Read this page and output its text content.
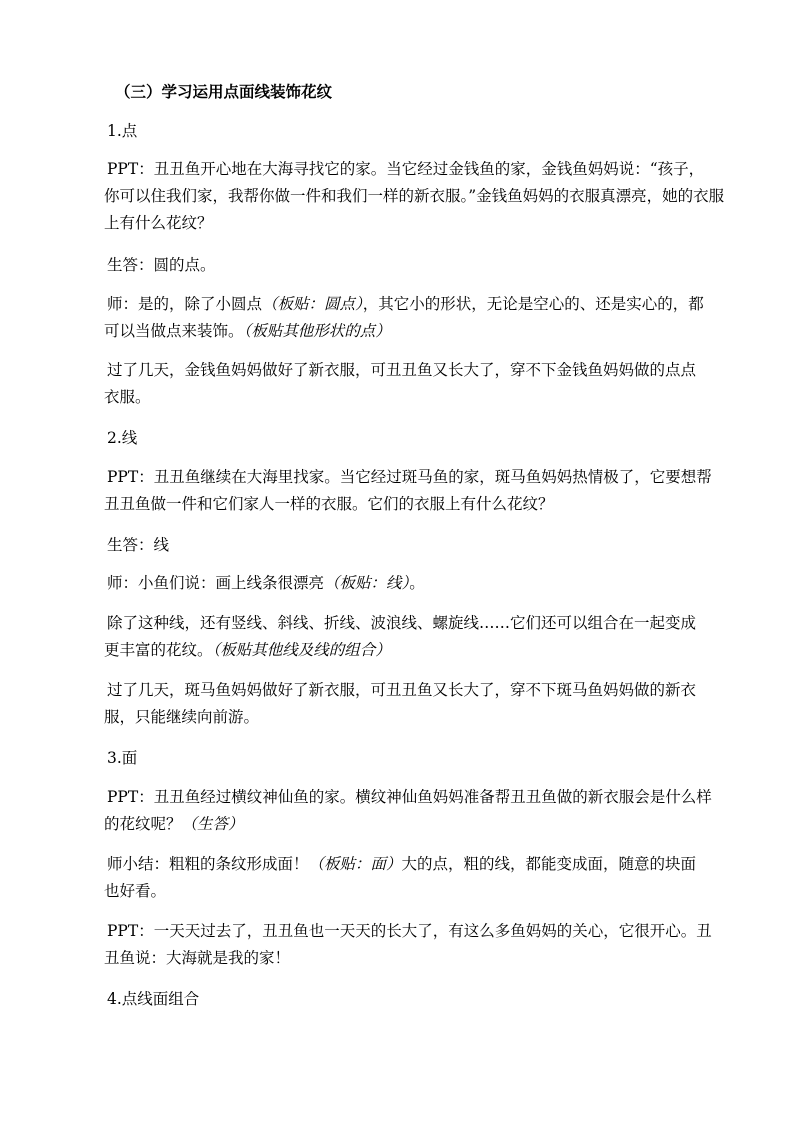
（三）学习运用点面线装饰花纹
1.点
PPT：丑丑鱼开心地在大海寻找它的家。当它经过金钱鱼的家，金钱鱼妈妈说：“孩子，
你可以住我们家，我帮你做一件和我们一样的新衣服。”金钱鱼妈妈的衣服真漂亮，她的衣服
上有什么花纹？
生答：圆的点。
师：是的，除了小圆点（板贴：圆点），其它小的形状，无论是空心的、还是实心的，都
可以当做点来装饰。（板贴其他形状的点）
过了几天，金钱鱼妈妈做好了新衣服，可丑丑鱼又长大了，穿不下金钱鱼妈妈做的点点
衣服。
2.线
PPT：丑丑鱼继续在大海里找家。当它经过斑马鱼的家，斑马鱼妈妈热情极了，它要想帮
丑丑鱼做一件和它们家人一样的衣服。它们的衣服上有什么花纹？
生答：线
师：小鱼们说：画上线条很漂亮（板贴：线）。
除了这种线，还有竖线、斜线、折线、波浪线、螺旋线……它们还可以组合在一起变成
更丰富的花纹。（板贴其他线及线的组合）
过了几天，斑马鱼妈妈做好了新衣服，可丑丑鱼又长大了，穿不下斑马鱼妈妈做的新衣
服，只能继续向前游。
3.面
PPT：丑丑鱼经过横纹神仙鱼的家。横纹神仙鱼妈妈准备帮丑丑鱼做的新衣服会是什么样
的花纹呢？（生答）
师小结：粗粗的条纹形成面！（板贴：面）大的点，粗的线，都能变成面，随意的块面
也好看。
PPT：一天天过去了，丑丑鱼也一天天的长大了，有这么多鱼妈妈的关心，它很开心。丑
丑鱼说：大海就是我的家！
4.点线面组合
